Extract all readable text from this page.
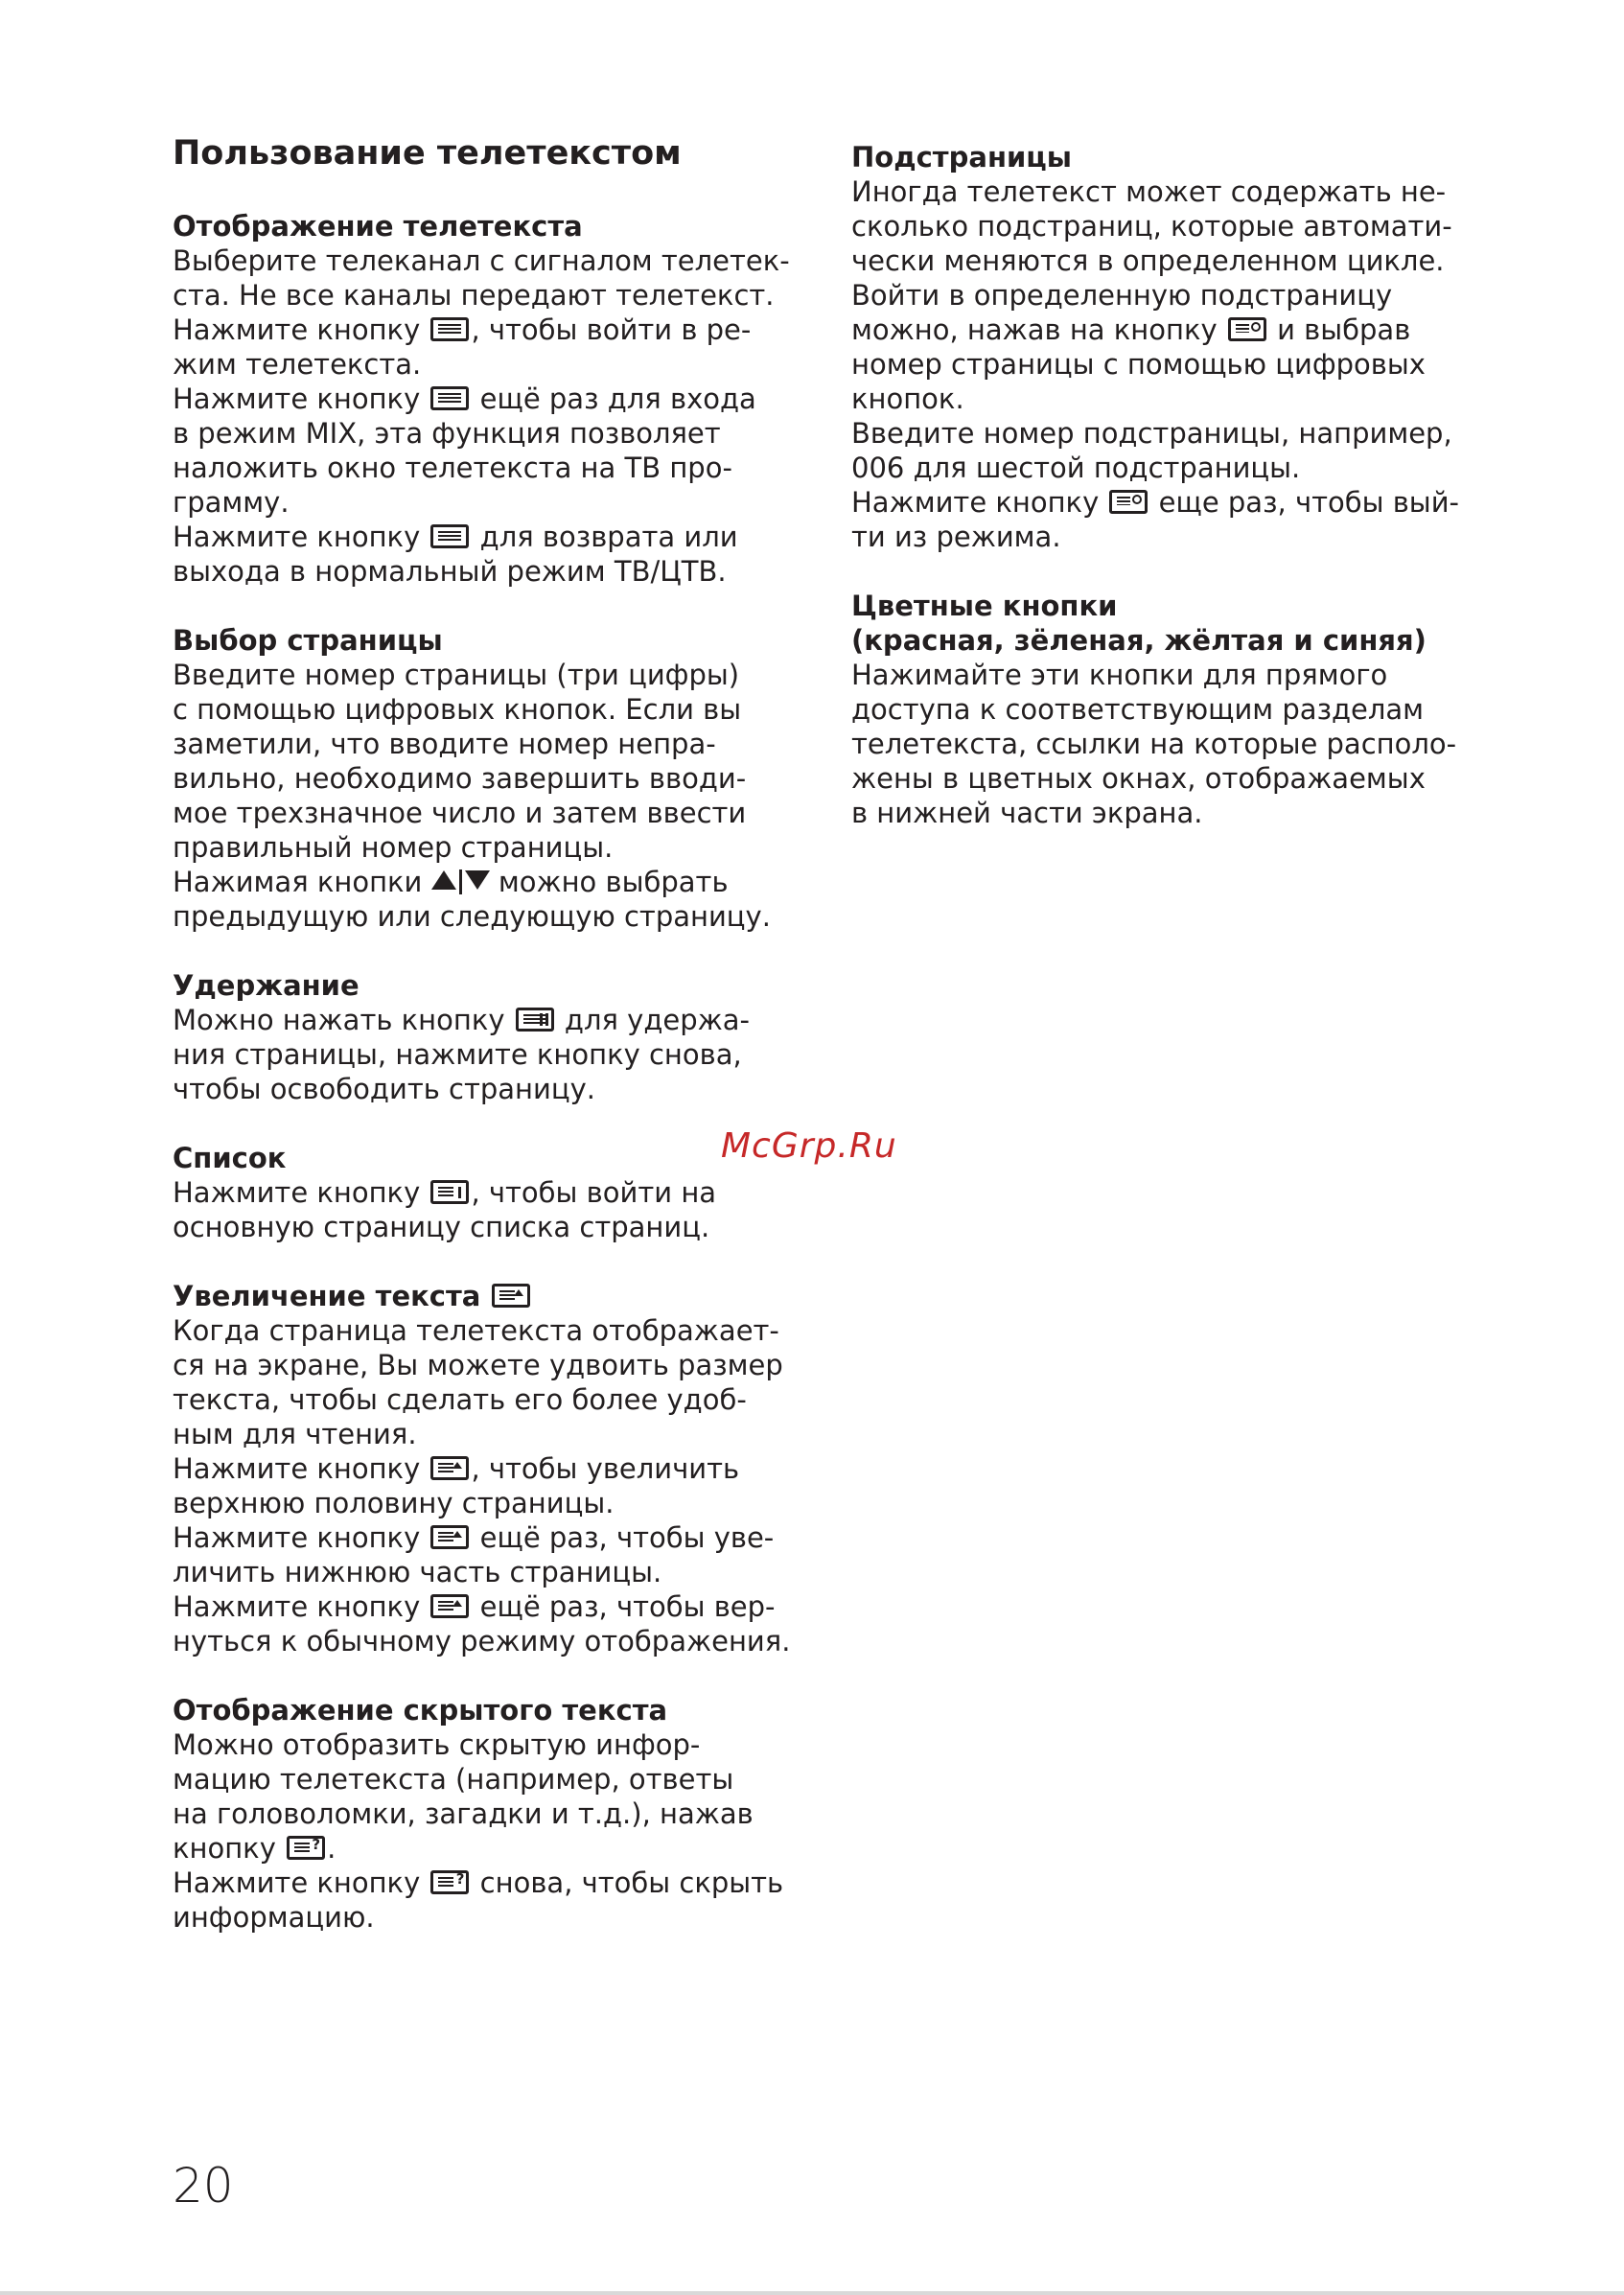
Пользование телетекстом
Отображение телетекста
Выберите телеканал с сигналом телетек-
ста. Не все каналы передают телетекст.
Нажмите кнопку , чтобы войти в ре-
жим телетекста.
Нажмите кнопку  ещё раз для входа
в режим MIX, эта функция позволяет
наложить окно телетекста на ТВ про-
грамму.
Нажмите кнопку  для возврата или
выхода в нормальный режим ТВ/ЦТВ.
Выбор страницы
Введите номер страницы (три цифры)
с помощью цифровых кнопок. Если вы
заметили, что вводите номер непра-
вильно, необходимо завершить вводи-
мое трехзначное число и затем ввести
правильный номер страницы.
Нажимая кнопки  можно выбрать
предыдущую или следующую страницу.
Удержание
Можно нажать кнопку  для удержа-
ния страницы, нажмите кнопку снова,
чтобы освободить страницу.
Список
Нажмите кнопку , чтобы войти на
основную страницу списка страниц.
Увеличение текста
Когда страница телетекста отображает-
ся на экране, Вы можете удвоить размер
текста, чтобы сделать его более удоб-
ным для чтения.
Нажмите кнопку , чтобы увеличить
верхнюю половину страницы.
Нажмите кнопку  ещё раз, чтобы уве-
личить нижнюю часть страницы.
Нажмите кнопку  ещё раз, чтобы вер-
нуться к обычному режиму отображения.
Отображение скрытого текста
Можно отобразить скрытую инфор-
мацию телетекста (например, ответы
на головоломки, загадки и т.д.), нажав
кнопку ?.
Нажмите кнопку ? снова, чтобы скрыть
информацию.
Подстраницы
Иногда телетекст может содержать не-
сколько подстраниц, которые автомати-
чески меняются в определенном цикле.
Войти в определенную подстраницу
можно, нажав на кнопку  и выбрав
номер страницы с помощью цифровых
кнопок.
Введите номер подстраницы, например,
006 для шестой подстраницы.
Нажмите кнопку  еще раз, чтобы вый-
ти из режима.
Цветные кнопки
(красная, зёленая, жёлтая и синяя)
Нажимайте эти кнопки для прямого
доступа к соответствующим разделам
телетекста, ссылки на которые располо-
жены в цветных окнах, отображаемых
в нижней части экрана.
McGrp.Ru
20
